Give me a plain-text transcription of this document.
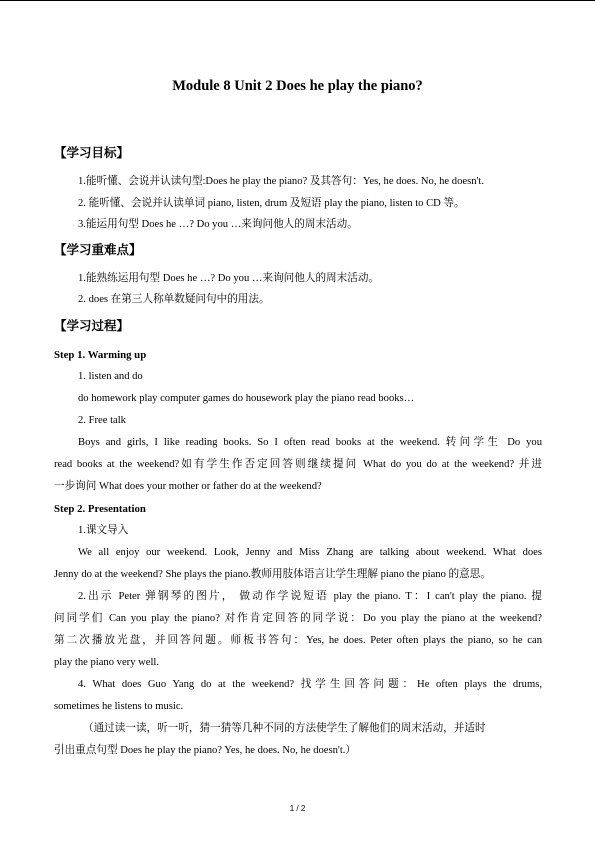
Module 8 Unit 2 Does he play the piano?
【学习目标】
1.能听懂、会说并认读句型:Does he play the piano? 及其答句：Yes, he does. No, he doesn't.
2. 能听懂、会说并认读单词 piano, listen, drum 及短语 play the piano, listen to CD 等。
3.能运用句型 Does he …? Do you …来询问他人的周末活动。
【学习重难点】
1.能熟练运用句型 Does he …? Do you …来询问他人的周末活动。
2. does 在第三人称单数疑问句中的用法。
【学习过程】
Step 1. Warming up
1. listen and do
do homework play computer games do housework play the piano read books…
2. Free talk
Boys and girls, I like reading books. So I often read books at the weekend. 转问学生 Do you
read books at the weekend?如有学生作否定回答则继续提问 What do you do at the weekend? 并进
一步询问 What does your mother or father do at the weekend?
Step 2. Presentation
1.课文导入
We all enjoy our weekend. Look, Jenny and Miss Zhang are talking about weekend. What does
Jenny do at the weekend? She plays the piano.教师用肢体语言让学生理解 piano the piano 的意思。
2.出示 Peter 弹钢琴的图片， 做动作学说短语 play the piano. T：I can't play the piano. 提
问同学们 Can you play the piano? 对作肯定回答的同学说：Do you play the piano at the weekend?
第二次播放光盘，并回答问题。师板书答句：Yes, he does. Peter often plays the piano, so he can
play the piano very well.
4. What does Guo Yang do at the weekend? 找学生回答问题：He often plays the drums,
sometimes he listens to music.
（通过读一读，听一听，猜一猜等几种不同的方法使学生了解他们的周末活动，并适时
引出重点句型 Does he play the piano? Yes, he does. No, he doesn't.）
1 / 2
